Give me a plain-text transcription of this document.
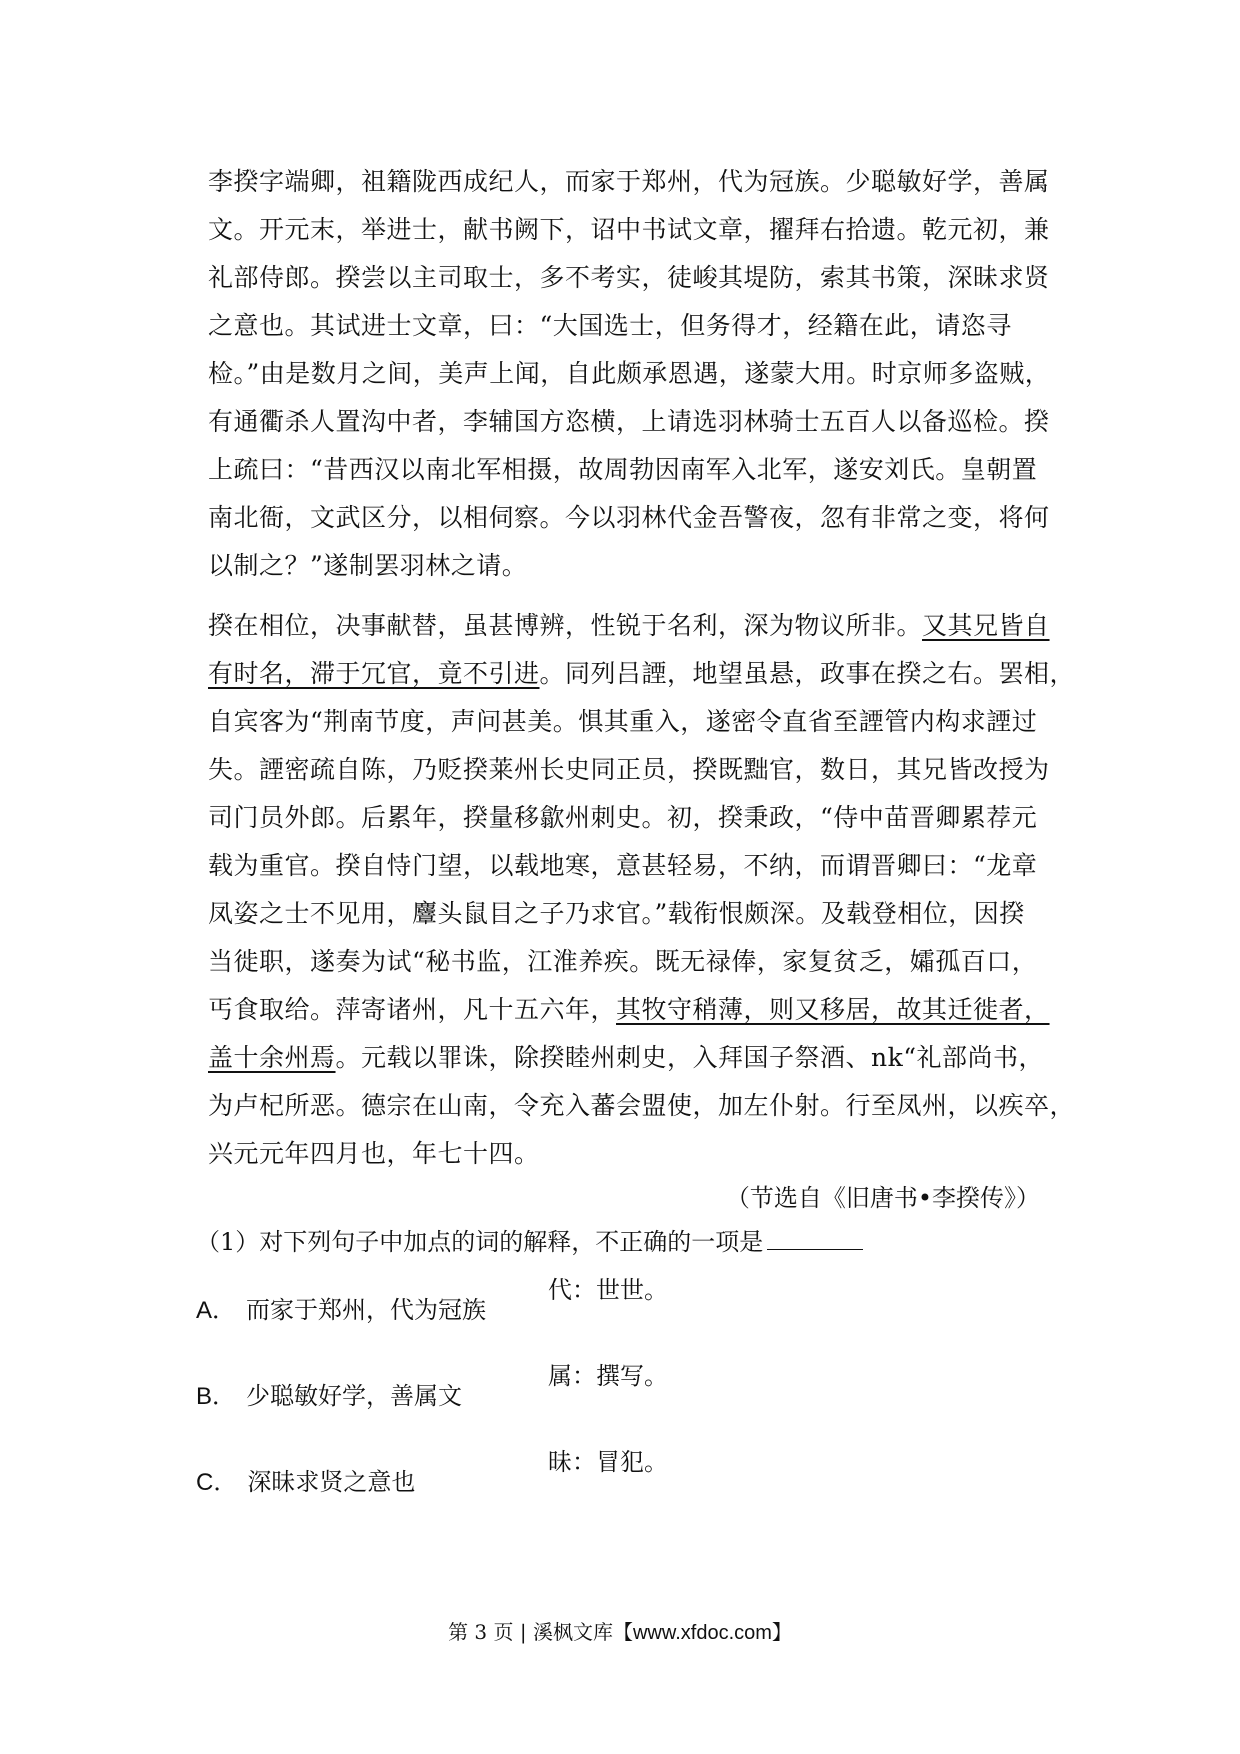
李揆字端卿，祖籍陇西成纪人，而家于郑州，代为冠族。少聪敏好学，善属
文。开元末，举进士，献书阙下，诏中书试文章，擢拜右拾遗。乾元初，兼
礼部侍郎。揆尝以主司取士，多不考实，徒峻其堤防，索其书策，深昧求贤
之意也。其试进士文章，曰：“大国选士，但务得才，经籍在此，请恣寻
检。”由是数月之间，美声上闻，自此颇承恩遇，遂蒙大用。时京师多盗贼，
有通衢杀人置沟中者，李辅国方恣横，上请选羽林骑士五百人以备巡检。揆
上疏曰：“昔西汉以南北军相摄，故周勃因南军入北军，遂安刘氏。皇朝置
南北衙，文武区分，以相伺察。今以羽林代金吾警夜，忽有非常之变，将何
以制之？”遂制罢羽林之请。
揆在相位，决事献替，虽甚博辨，性锐于名利，深为物议所非。又其兄皆自
有时名，滞于冗官，竟不引进。同列吕諲，地望虽悬，政事在揆之右。罢相，
自宾客为“荆南节度，声问甚美。惧其重入，遂密令直省至諲管内构求諲过
失。諲密疏自陈，乃贬揆莱州长史同正员，揆既黜官，数日，其兄皆改授为
司门员外郎。后累年，揆量移歙州刺史。初，揆秉政，“侍中苗晋卿累荐元
载为重官。揆自恃门望，以载地寒，意甚轻易，不纳，而谓晋卿曰：“龙章
凤姿之士不见用，麞头鼠目之子乃求官。”载衔恨颇深。及载登相位，因揆
当徙职，遂奏为试“秘书监，江淮养疾。既无禄俸，家复贫乏，孀孤百口，
丐食取给。萍寄诸州，凡十五六年，其牧守稍薄，则又移居，故其迁徙者，
盖十余州焉。元载以罪诛，除揆睦州刺史，入拜国子祭酒、nk“礼部尚书，
为卢杞所恶。德宗在山南，令充入蕃会盟使，加左仆射。行至凤州，以疾卒，
兴元元年四月也，年七十四。
（节选自《旧唐书•李揆传》）
（1）对下列句子中加点的词的解释，不正确的一项是
A． 而家于郑州，代为冠族
代：世世。
B． 少聪敏好学，善属文
属：撰写。
C． 深昧求贤之意也
昧：冒犯。
第 3 页 | 溪枫文库【www.xfdoc.com】
